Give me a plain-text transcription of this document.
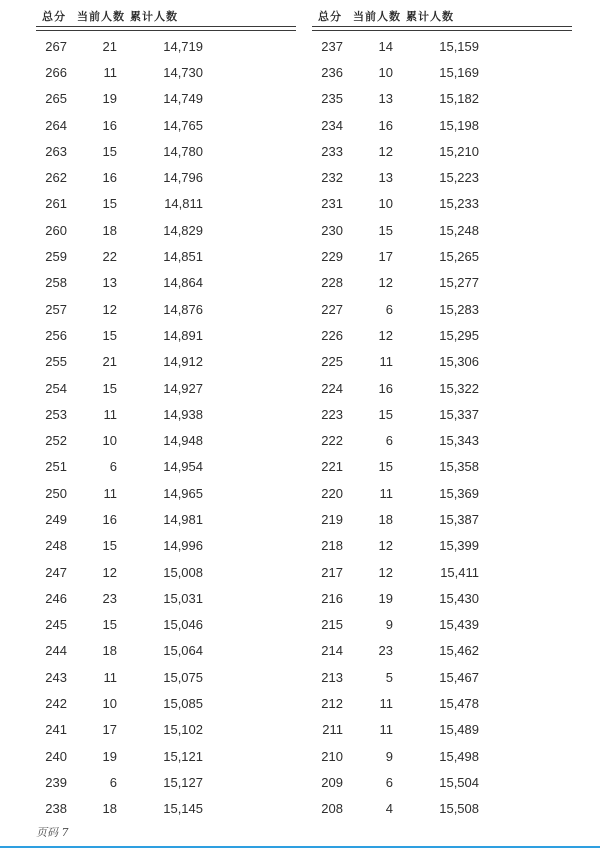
总分 当前人数 累计人数
267	21	14,719
266	11	14,730
265	19	14,749
264	16	14,765
263	15	14,780
262	16	14,796
261	15	14,811
260	18	14,829
259	22	14,851
258	13	14,864
257	12	14,876
256	15	14,891
255	21	14,912
254	15	14,927
253	11	14,938
252	10	14,948
251	6	14,954
250	11	14,965
249	16	14,981
248	15	14,996
247	12	15,008
246	23	15,031
245	15	15,046
244	18	15,064
243	11	15,075
242	10	15,085
241	17	15,102
240	19	15,121
239	6	15,127
238	18	15,145
总分 当前人数 累计人数
237	14	15,159
236	10	15,169
235	13	15,182
234	16	15,198
233	12	15,210
232	13	15,223
231	10	15,233
230	15	15,248
229	17	15,265
228	12	15,277
227	6	15,283
226	12	15,295
225	11	15,306
224	16	15,322
223	15	15,337
222	6	15,343
221	15	15,358
220	11	15,369
219	18	15,387
218	12	15,399
217	12	15,411
216	19	15,430
215	9	15,439
214	23	15,462
213	5	15,467
212	11	15,478
211	11	15,489
210	9	15,498
209	6	15,504
208	4	15,508
页码 7
